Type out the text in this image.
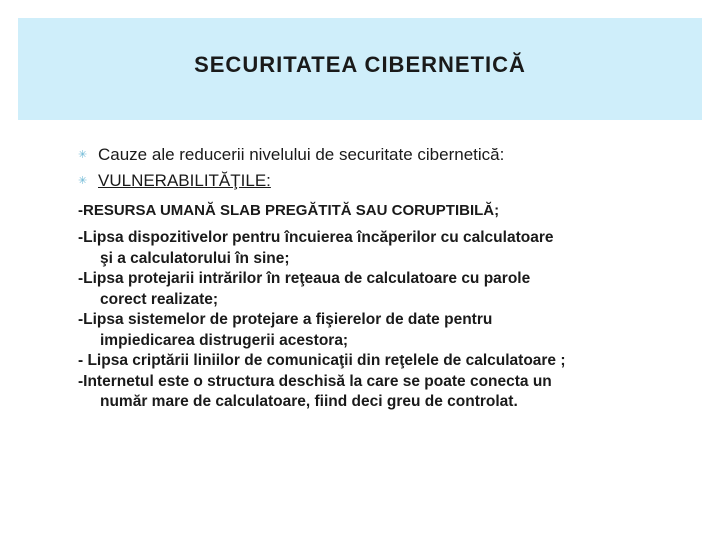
SECURITATEA CIBERNETICĂ
✳ Cauze ale reducerii nivelului de securitate cibernetică:
✳ VULNERABILITĂŢILE:
-RESURSA UMANĂ SLAB PREGĂTITĂ SAU CORUPTIBILĂ;
-Lipsa dispozitivelor pentru încuierea încăperilor cu calculatoare
şi a calculatorului în sine;
-Lipsa protejarii intrărilor în reţeaua de calculatoare cu parole
corect realizate;
-Lipsa sistemelor de protejare a fişierelor de date pentru
impiedicarea distrugerii acestora;
- Lipsa criptării liniilor de comunicaţii din reţelele de calculatoare ;
-Internetul este o structura deschisă la care se poate conecta un
număr mare de calculatoare, fiind deci greu de controlat.
